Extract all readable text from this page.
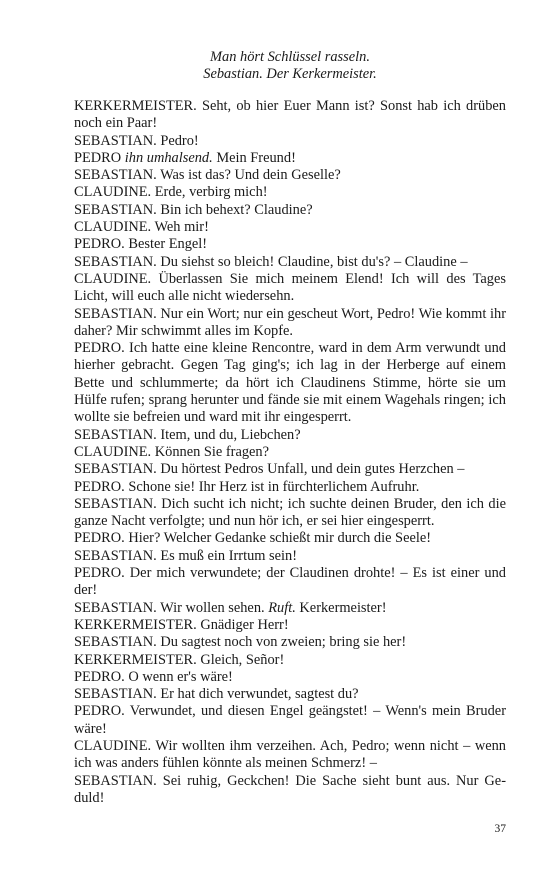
Man hört Schlüssel rasseln.
Sebastian. Der Kerkermeister.
KERKERMEISTER. Seht, ob hier Euer Mann ist? Sonst hab ich drüben noch ein Paar!
SEBASTIAN. Pedro!
PEDRO ihn umhalsend. Mein Freund!
SEBASTIAN. Was ist das? Und dein Geselle?
CLAUDINE. Erde, verbirg mich!
SEBASTIAN. Bin ich behext? Claudine?
CLAUDINE. Weh mir!
PEDRO. Bester Engel!
SEBASTIAN. Du siehst so bleich! Claudine, bist du's? – Claudine –
CLAUDINE. Überlassen Sie mich meinem Elend! Ich will des Tages Licht, will euch alle nicht wiedersehn.
SEBASTIAN. Nur ein Wort; nur ein gescheut Wort, Pedro! Wie kommt ihr daher? Mir schwimmt alles im Kopfe.
PEDRO. Ich hatte eine kleine Rencontre, ward in dem Arm verwundt und hierher gebracht. Gegen Tag ging's; ich lag in der Herberge auf einem Bette und schlummerte; da hört ich Claudinens Stimme, hörte sie um Hülfe rufen; sprang herunter und fände sie mit einem Wagehals ringen; ich wollte sie befreien und ward mit ihr eingesperrt.
SEBASTIAN. Item, und du, Liebchen?
CLAUDINE. Können Sie fragen?
SEBASTIAN. Du hörtest Pedros Unfall, und dein gutes Herzchen –
PEDRO. Schone sie! Ihr Herz ist in fürchterlichem Aufruhr.
SEBASTIAN. Dich sucht ich nicht; ich suchte deinen Bruder, den ich die ganze Nacht verfolgte; und nun hör ich, er sei hier eingesperrt.
PEDRO. Hier? Welcher Gedanke schießt mir durch die Seele!
SEBASTIAN. Es muß ein Irrtum sein!
PEDRO. Der mich verwundete; der Claudinen drohte! – Es ist einer und der!
SEBASTIAN. Wir wollen sehen. Ruft. Kerkermeister!
KERKERMEISTER. Gnädiger Herr!
SEBASTIAN. Du sagtest noch von zweien; bring sie her!
KERKERMEISTER. Gleich, Señor!
PEDRO. O wenn er's wäre!
SEBASTIAN. Er hat dich verwundet, sagtest du?
PEDRO. Verwundet, und diesen Engel geängstet! – Wenn's mein Bruder wäre!
CLAUDINE. Wir wollten ihm verzeihen. Ach, Pedro; wenn nicht – wenn ich was anders fühlen könnte als meinen Schmerz! –
SEBASTIAN. Sei ruhig, Geckchen! Die Sache sieht bunt aus. Nur Geduld!
37
